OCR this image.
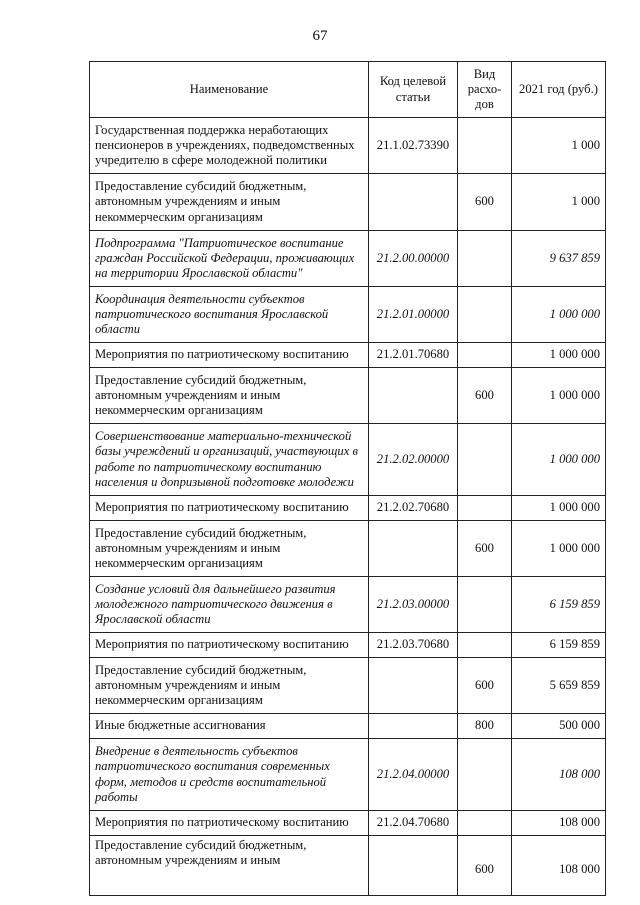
67
Наименование	Код целевой статьи	Вид расхо-дов	2021 год (руб.)
Государственная поддержка неработающих пенсионеров в учреждениях, подведомственных учредителю в сфере молодежной политики	21.1.02.73390		1 000
Предоставление субсидий бюджетным, автономным учреждениям и иным некоммерческим организациям		600	1 000
Подпрограмма "Патриотическое воспитание граждан Российской Федерации, проживающих на территории Ярославской области"	21.2.00.00000		9 637 859
Координация деятельности субъектов патриотического воспитания Ярославской области	21.2.01.00000		1 000 000
Мероприятия по патриотическому воспитанию	21.2.01.70680		1 000 000
Предоставление субсидий бюджетным, автономным учреждениям и иным некоммерческим организациям		600	1 000 000
Совершенствование материально-технической базы учреждений и организаций, участвующих в работе по патриотическому воспитанию населения и допризывной подготовке молодежи	21.2.02.00000		1 000 000
Мероприятия по патриотическому воспитанию	21.2.02.70680		1 000 000
Предоставление субсидий бюджетным, автономным учреждениям и иным некоммерческим организациям		600	1 000 000
Создание условий для дальнейшего развития молодежного патриотического движения в Ярославской области	21.2.03.00000		6 159 859
Мероприятия по патриотическому воспитанию	21.2.03.70680		6 159 859
Предоставление субсидий бюджетным, автономным учреждениям и иным некоммерческим организациям		600	5 659 859
Иные бюджетные ассигнования		800	500 000
Внедрение в деятельность субъектов патриотического воспитания современных форм, методов и средств воспитательной работы	21.2.04.00000		108 000
Мероприятия по патриотическому воспитанию	21.2.04.70680		108 000
Предоставление субсидий бюджетным, автономным учреждениям и иным		600	108 000
